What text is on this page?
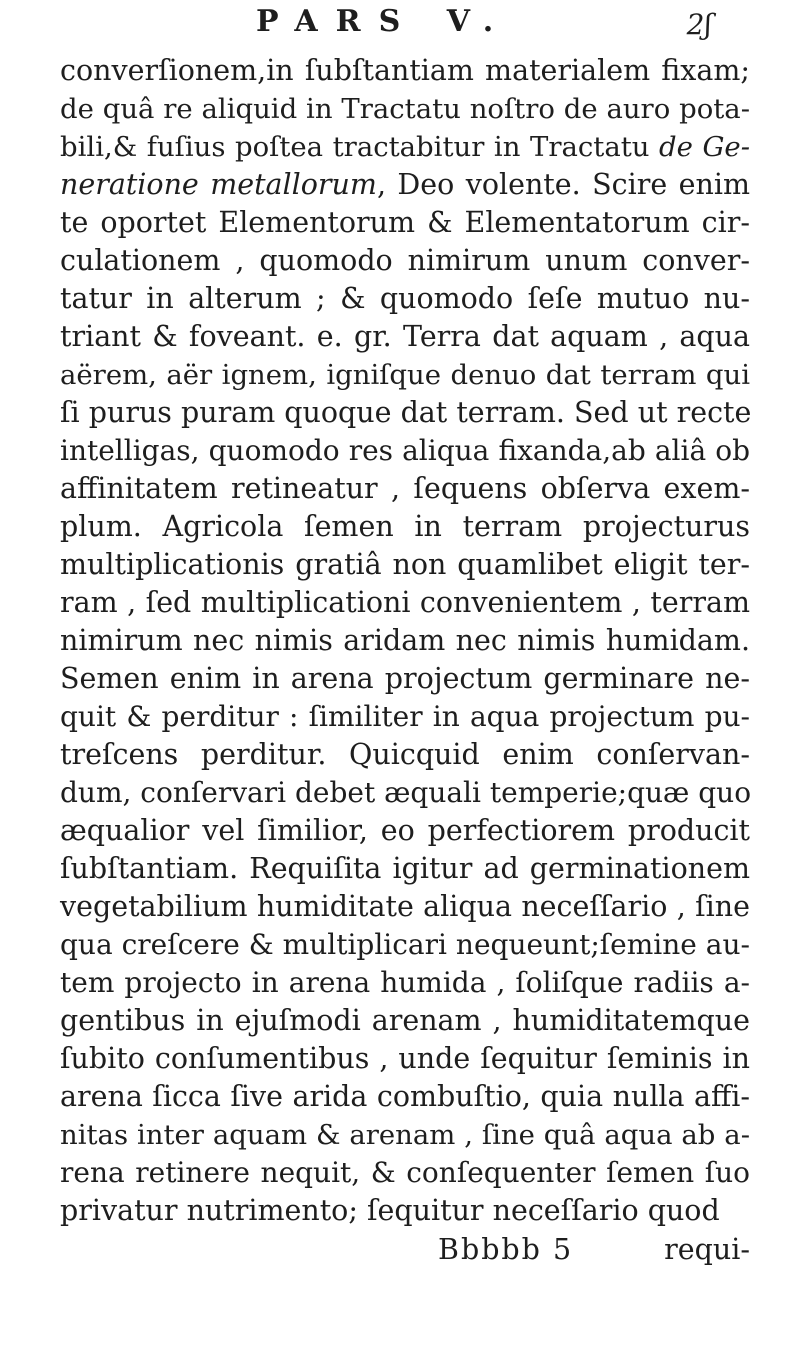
PARS V.	2ʃ
converſionem,in ſubſtantiam materialem fixam;
de quâ re aliquid in Tractatu noſtro de auro pota-
bili,& fuſius poſtea tractabitur in Tractatu de Ge-
neratione metallorum, Deo volente. Scire enim
te oportet Elementorum & Elementatorum cir-
culationem , quomodo nimirum unum conver-
tatur in alterum ; & quomodo ſeſe mutuo nu-
triant & foveant. e. gr. Terra dat aquam , aqua
aërem, aër ignem, igniſque denuo dat terram qui
ſi purus puram quoque dat terram. Sed ut recte
intelligas, quomodo res aliqua fixanda,ab aliâ ob
affinitatem retineatur , ſequens obſerva exem-
plum. Agricola ſemen in terram projecturus
multiplicationis gratiâ non quamlibet eligit ter-
ram , ſed multiplicationi convenientem , terram
nimirum nec nimis aridam nec nimis humidam.
Semen enim in arena projectum germinare ne-
quit & perditur : ſimiliter in aqua projectum pu-
treſcens perditur. Quicquid enim conſervan-
dum, conſervari debet æquali temperie;quæ quo
æqualior vel ſimilior, eo perfectiorem producit
ſubſtantiam. Requiſita igitur ad germinationem
vegetabilium humiditate aliqua neceſſario , ſine
qua creſcere & multiplicari nequeunt;ſemine au-
tem projecto in arena humida , ſoliſque radiis a-
gentibus in ejuſmodi arenam , humiditatemque
ſubito conſumentibus , unde ſequitur ſeminis in
arena ſicca ſive arida combuſtio, quia nulla affi-
nitas inter aquam & arenam , ſine quâ aqua ab a-
rena retinere nequit, & conſequenter ſemen ſuo
privatur nutrimento; ſequitur neceſſario quod
Bbbbb 5	requi-
